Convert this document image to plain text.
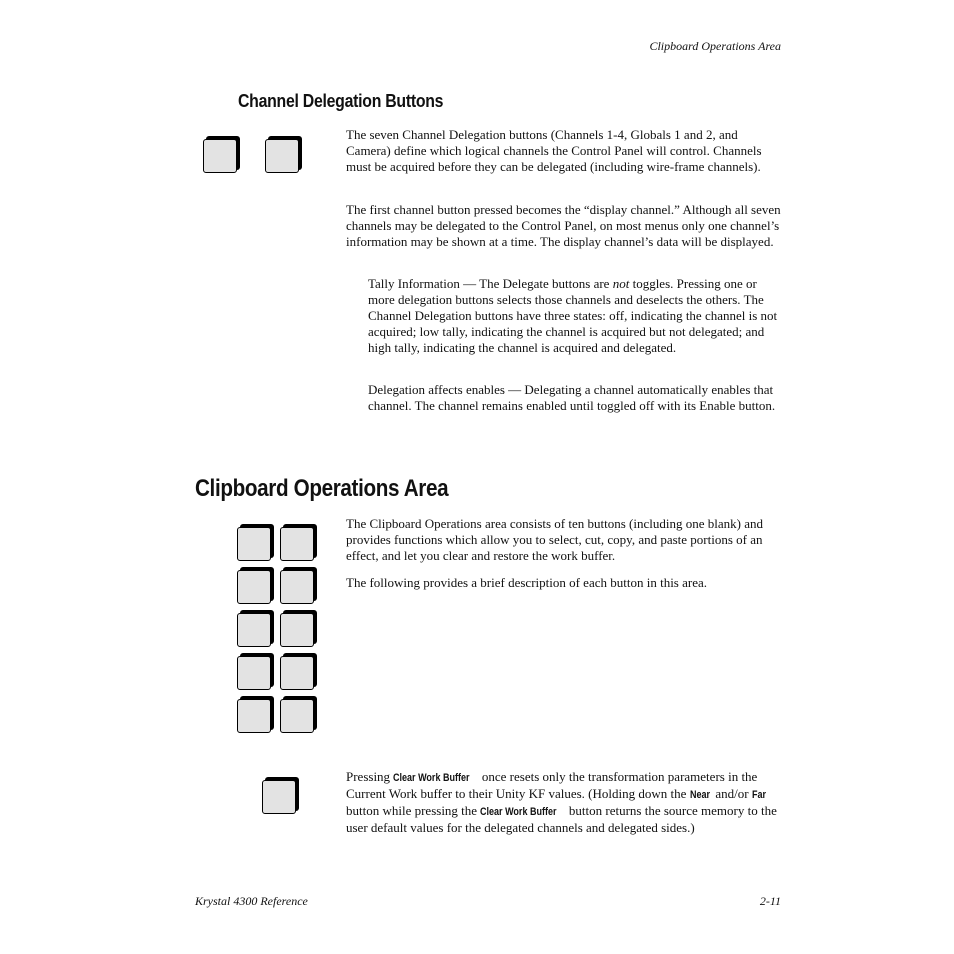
Clipboard Operations Area
Channel Delegation Buttons

The seven Channel Delegation buttons (Channels 1-4, Globals 1 and 2, and Camera) define which logical channels the Control Panel will control. Channels must be acquired before they can be delegated (including wire-frame channels).

The first channel button pressed becomes the “display channel.” Although all seven channels may be delegated to the Control Panel, on most menus only one channel’s information may be shown at a time. The display channel’s data will be displayed.

Tally Information — The Delegate buttons are not toggles. Pressing one or more delegation buttons selects those channels and deselects the others. The Channel Delegation buttons have three states: off, indicating the channel is not acquired; low tally, indicating the channel is acquired but not delegated; and high tally, indicating the channel is acquired and delegated.

Delegation affects enables — Delegating a channel automatically enables that channel. The channel remains enabled until toggled off with its Enable button.

Clipboard Operations Area

The Clipboard Operations area consists of ten buttons (including one blank) and provides functions which allow you to select, cut, copy, and paste portions of an effect, and let you clear and restore the work buffer.

The following provides a brief description of each button in this area.

Pressing Clear Work Buffer once resets only the transformation parameters in the Current Work buffer to their Unity KF values. (Holding down the Near and/or Far button while pressing the Clear Work Buffer button returns the source memory to the user default values for the delegated channels and delegated sides.)

Krystal 4300 Reference	2-11
